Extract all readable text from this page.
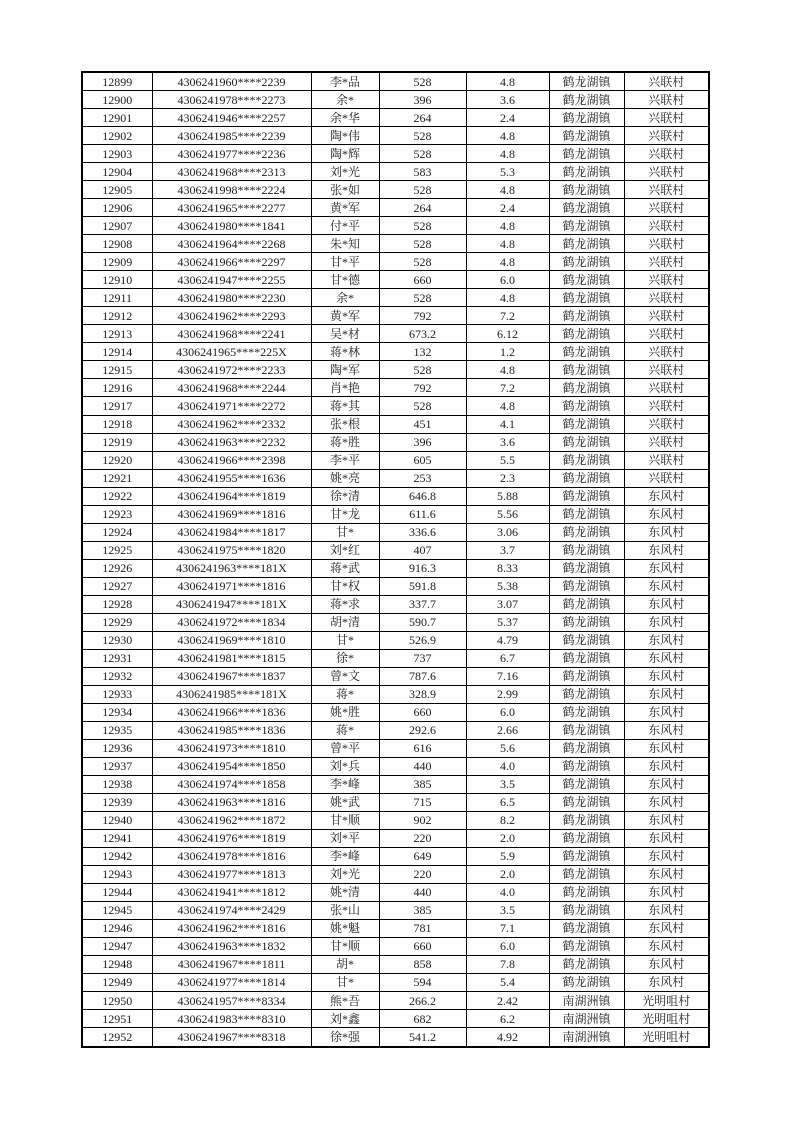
12899	4306241960****2239	李*品	528	4.8	鹤龙湖镇	兴联村
12900	4306241978****2273	余*	396	3.6	鹤龙湖镇	兴联村
12901	4306241946****2257	余*华	264	2.4	鹤龙湖镇	兴联村
12902	4306241985****2239	陶*伟	528	4.8	鹤龙湖镇	兴联村
12903	4306241977****2236	陶*辉	528	4.8	鹤龙湖镇	兴联村
12904	4306241968****2313	刘*光	583	5.3	鹤龙湖镇	兴联村
12905	4306241998****2224	张*如	528	4.8	鹤龙湖镇	兴联村
12906	4306241965****2277	黄*军	264	2.4	鹤龙湖镇	兴联村
12907	4306241980****1841	付*平	528	4.8	鹤龙湖镇	兴联村
12908	4306241964****2268	朱*知	528	4.8	鹤龙湖镇	兴联村
12909	4306241966****2297	甘*平	528	4.8	鹤龙湖镇	兴联村
12910	4306241947****2255	甘*德	660	6.0	鹤龙湖镇	兴联村
12911	4306241980****2230	余*	528	4.8	鹤龙湖镇	兴联村
12912	4306241962****2293	黄*军	792	7.2	鹤龙湖镇	兴联村
12913	4306241968****2241	吴*材	673.2	6.12	鹤龙湖镇	兴联村
12914	4306241965****225X	蒋*林	132	1.2	鹤龙湖镇	兴联村
12915	4306241972****2233	陶*军	528	4.8	鹤龙湖镇	兴联村
12916	4306241968****2244	肖*艳	792	7.2	鹤龙湖镇	兴联村
12917	4306241971****2272	蒋*其	528	4.8	鹤龙湖镇	兴联村
12918	4306241962****2332	张*根	451	4.1	鹤龙湖镇	兴联村
12919	4306241963****2232	蒋*胜	396	3.6	鹤龙湖镇	兴联村
12920	4306241966****2398	李*平	605	5.5	鹤龙湖镇	兴联村
12921	4306241955****1636	姚*亮	253	2.3	鹤龙湖镇	兴联村
12922	4306241964****1819	徐*清	646.8	5.88	鹤龙湖镇	东风村
12923	4306241969****1816	甘*龙	611.6	5.56	鹤龙湖镇	东风村
12924	4306241984****1817	甘*	336.6	3.06	鹤龙湖镇	东风村
12925	4306241975****1820	刘*红	407	3.7	鹤龙湖镇	东风村
12926	4306241963****181X	蒋*武	916.3	8.33	鹤龙湖镇	东风村
12927	4306241971****1816	甘*权	591.8	5.38	鹤龙湖镇	东风村
12928	4306241947****181X	蒋*求	337.7	3.07	鹤龙湖镇	东风村
12929	4306241972****1834	胡*清	590.7	5.37	鹤龙湖镇	东风村
12930	4306241969****1810	甘*	526.9	4.79	鹤龙湖镇	东风村
12931	4306241981****1815	徐*	737	6.7	鹤龙湖镇	东风村
12932	4306241967****1837	曾*文	787.6	7.16	鹤龙湖镇	东风村
12933	4306241985****181X	蒋*	328.9	2.99	鹤龙湖镇	东风村
12934	4306241966****1836	姚*胜	660	6.0	鹤龙湖镇	东风村
12935	4306241985****1836	蒋*	292.6	2.66	鹤龙湖镇	东风村
12936	4306241973****1810	曾*平	616	5.6	鹤龙湖镇	东风村
12937	4306241954****1850	刘*兵	440	4.0	鹤龙湖镇	东风村
12938	4306241974****1858	李*峰	385	3.5	鹤龙湖镇	东风村
12939	4306241963****1816	姚*武	715	6.5	鹤龙湖镇	东风村
12940	4306241962****1872	甘*顺	902	8.2	鹤龙湖镇	东风村
12941	4306241976****1819	刘*平	220	2.0	鹤龙湖镇	东风村
12942	4306241978****1816	李*峰	649	5.9	鹤龙湖镇	东风村
12943	4306241977****1813	刘*光	220	2.0	鹤龙湖镇	东风村
12944	4306241941****1812	姚*清	440	4.0	鹤龙湖镇	东风村
12945	4306241974****2429	张*山	385	3.5	鹤龙湖镇	东风村
12946	4306241962****1816	姚*魁	781	7.1	鹤龙湖镇	东风村
12947	4306241963****1832	甘*顺	660	6.0	鹤龙湖镇	东风村
12948	4306241967****1811	胡*	858	7.8	鹤龙湖镇	东风村
12949	4306241977****1814	甘*	594	5.4	鹤龙湖镇	东风村
12950	4306241957****8334	熊*吾	266.2	2.42	南湖洲镇	光明咀村
12951	4306241983****8310	刘*鑫	682	6.2	南湖洲镇	光明咀村
12952	4306241967****8318	徐*强	541.2	4.92	南湖洲镇	光明咀村
